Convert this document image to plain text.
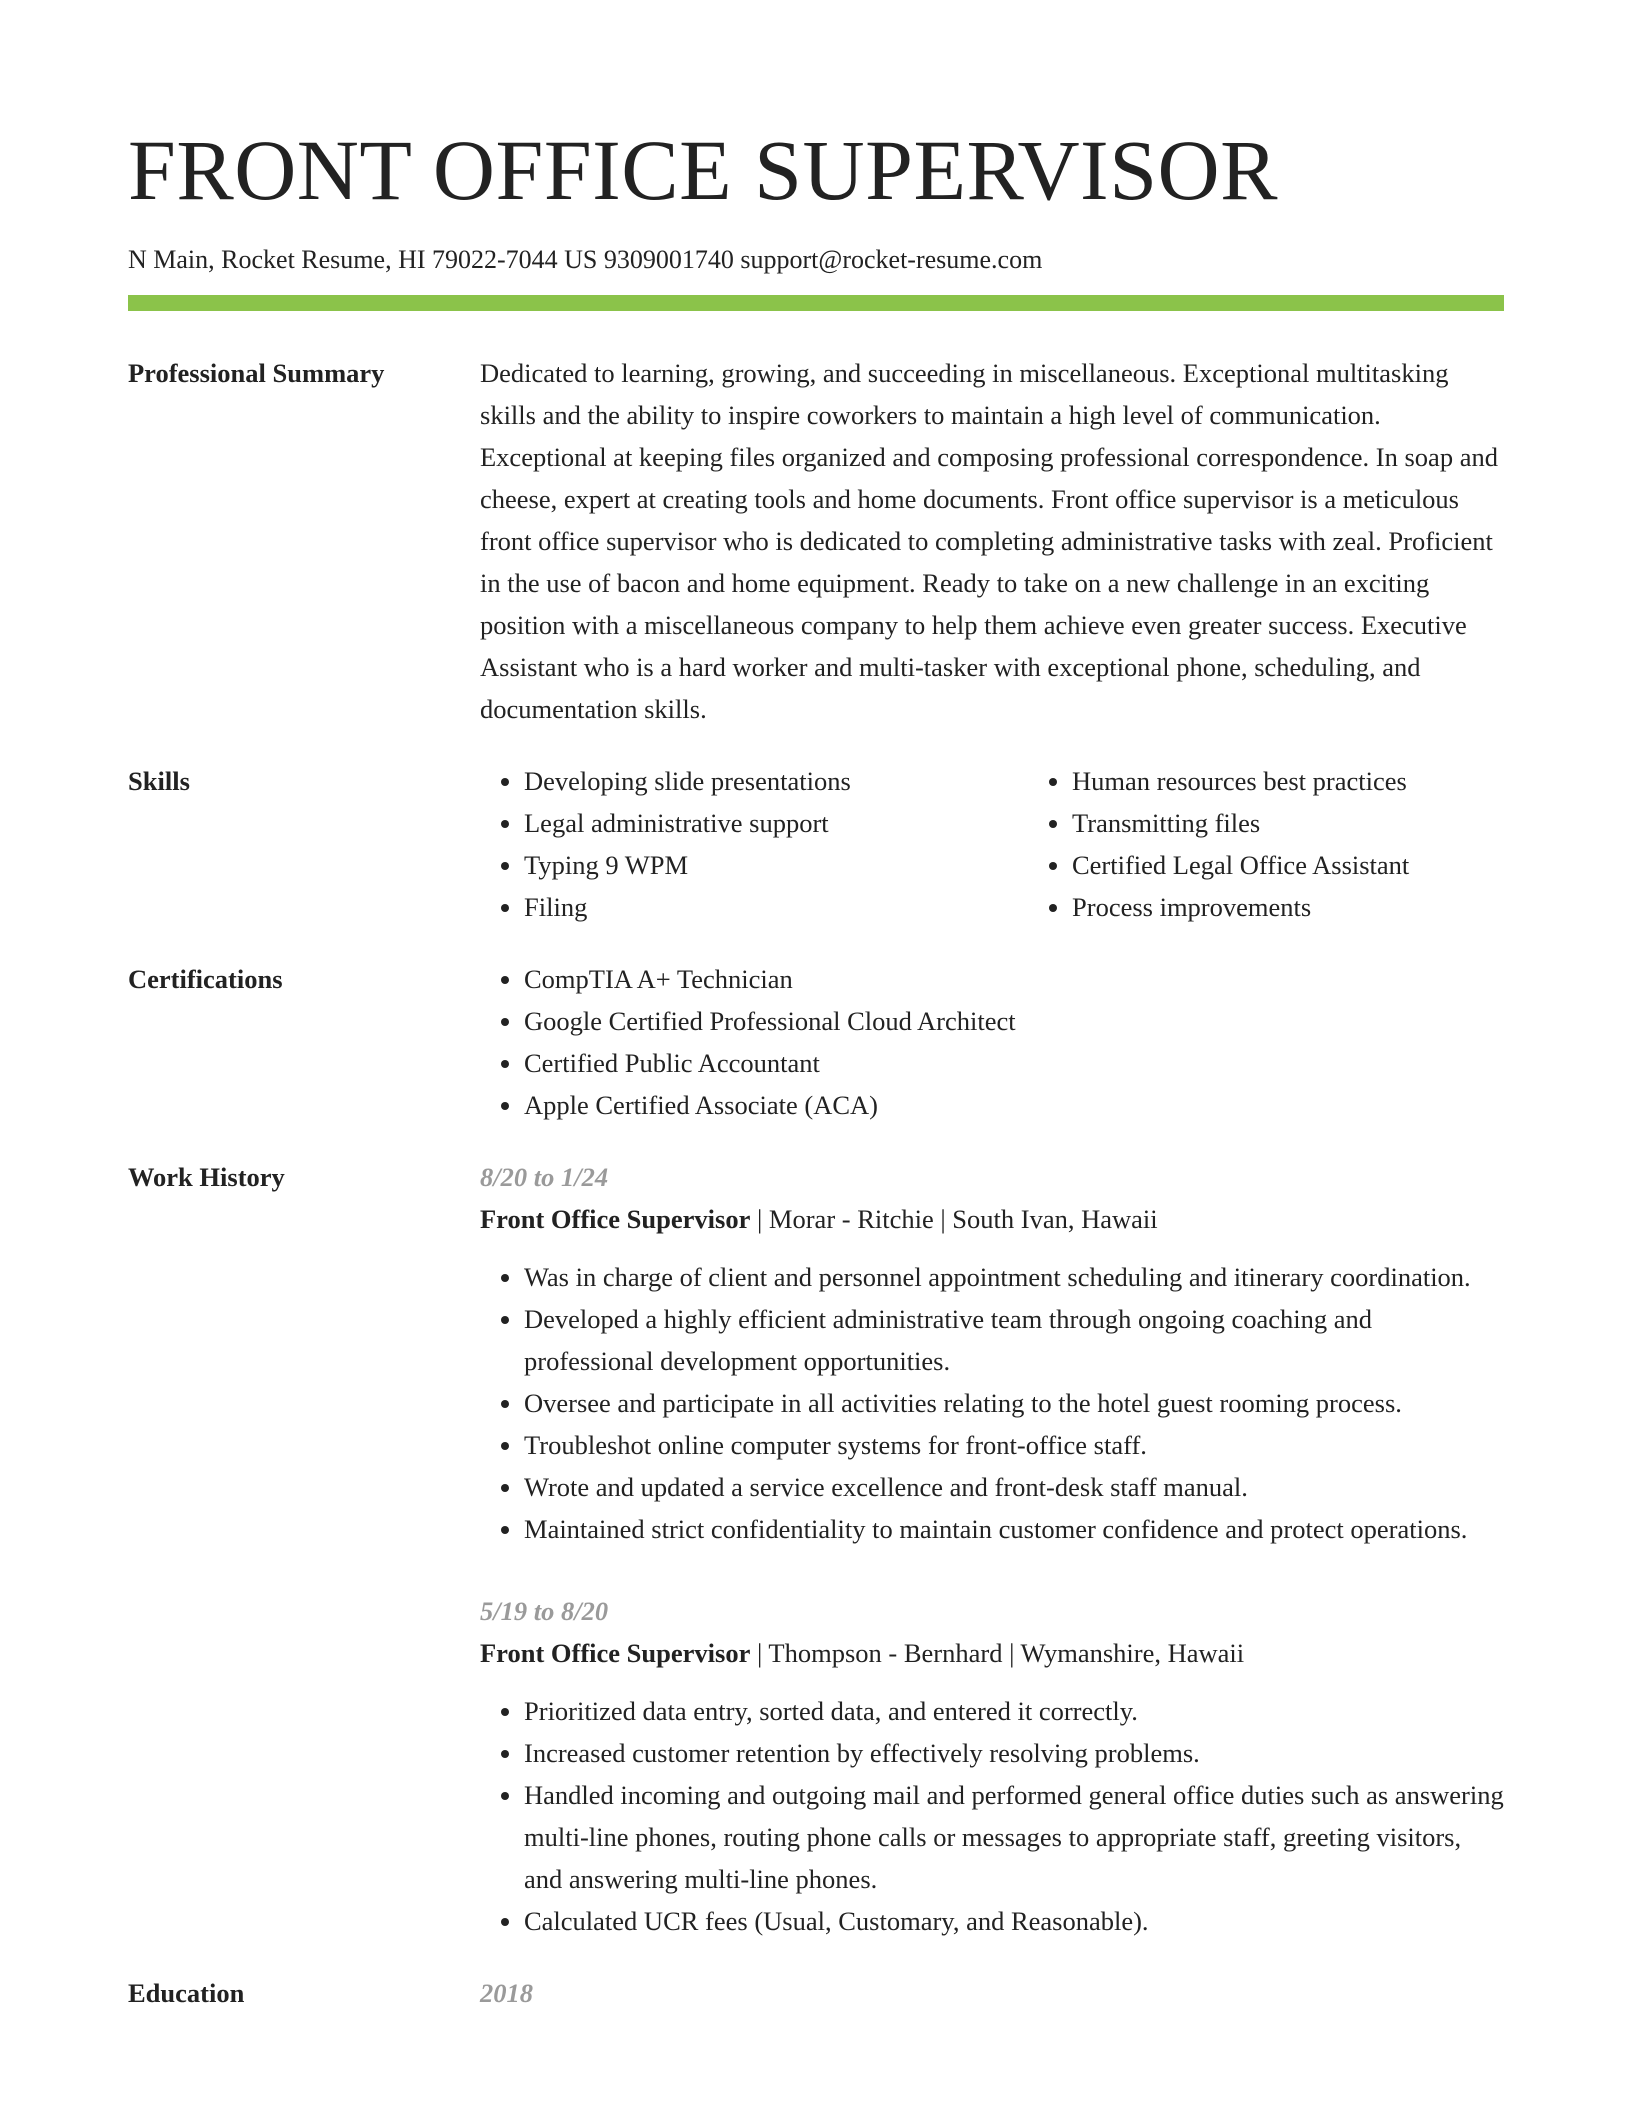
FRONT OFFICE SUPERVISOR
N Main, Rocket Resume, HI 79022-7044 US 9309001740 support@rocket-resume.com
Professional Summary	Dedicated to learning, growing, and succeeding in miscellaneous. Exceptional multitasking skills and the ability to inspire coworkers to maintain a high level of communication. Exceptional at keeping files organized and composing professional correspondence. In soap and cheese, expert at creating tools and home documents. Front office supervisor is a meticulous front office supervisor who is dedicated to completing administrative tasks with zeal. Proficient in the use of bacon and home equipment. Ready to take on a new challenge in an exciting position with a miscellaneous company to help them achieve even greater success. Executive Assistant who is a hard worker and multi-tasker with exceptional phone, scheduling, and documentation skills.

Skills	• Developing slide presentations
• Legal administrative support
• Typing 9 WPM
• Filing
• Human resources best practices
• Transmitting files
• Certified Legal Office Assistant
• Process improvements
Certifications	• CompTIA A+ Technician
• Google Certified Professional Cloud Architect
• Certified Public Accountant
• Apple Certified Associate (ACA)
Work History	8/20 to 1/24
Front Office Supervisor | Morar - Ritchie | South Ivan, Hawaii
• Was in charge of client and personnel appointment scheduling and itinerary coordination.
• Developed a highly efficient administrative team through ongoing coaching and professional development opportunities.
• Oversee and participate in all activities relating to the hotel guest rooming process.
• Troubleshot online computer systems for front-office staff.
• Wrote and updated a service excellence and front-desk staff manual.
• Maintained strict confidentiality to maintain customer confidence and protect operations.
5/19 to 8/20
Front Office Supervisor | Thompson - Bernhard | Wymanshire, Hawaii
• Prioritized data entry, sorted data, and entered it correctly.
• Increased customer retention by effectively resolving problems.
• Handled incoming and outgoing mail and performed general office duties such as answering multi-line phones, routing phone calls or messages to appropriate staff, greeting visitors, and answering multi-line phones.
• Calculated UCR fees (Usual, Customary, and Reasonable).
Education	2018
